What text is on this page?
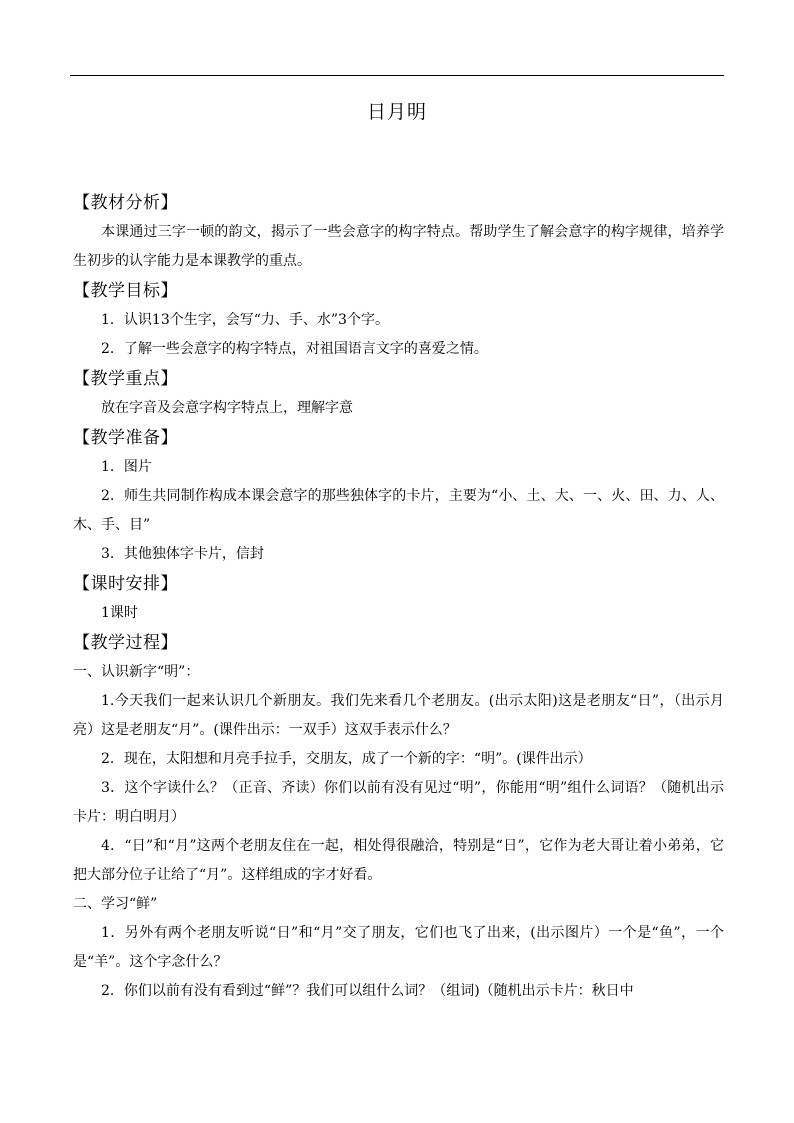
日月明
【教材分析】

本课通过三字一顿的韵文，揭示了一些会意字的构字特点。帮助学生了解会意字的构字规律，培养学生初步的认字能力是本课教学的重点。

【教学目标】

1．认识13个生字，会写“力、手、水”3个字。

2．了解一些会意字的构字特点，对祖国语言文字的喜爱之情。

【教学重点】

放在字音及会意字构字特点上，理解字意

【教学准备】

1．图片

2．师生共同制作构成本课会意字的那些独体字的卡片，主要为“小、土、大、一、火、田、力、人、木、手、目”

3．其他独体字卡片，信封

【课时安排】

1课时

【教学过程】

一、认识新字“明”：

1.今天我们一起来认识几个新朋友。我们先来看几个老朋友。(出示太阳)这是老朋友“日”，（出示月亮）这是老朋友“月”。(课件出示：一双手）这双手表示什么？

2．现在，太阳想和月亮手拉手，交朋友，成了一个新的字：“明”。(课件出示）

3．这个字读什么？（正音、齐读）你们以前有没有见过“明”，你能用“明”组什么词语？（随机出示卡片：明白明月）

4．“日”和“月”这两个老朋友住在一起，相处得很融洽，特别是“日”，它作为老大哥让着小弟弟，它把大部分位子让给了“月”。这样组成的字才好看。

二、学习“鲜”

1．另外有两个老朋友听说“日”和“月”交了朋友，它们也飞了出来，(出示图片）一个是“鱼”，一个是“羊”。这个字念什么？

2．你们以前有没有看到过“鲜”？我们可以组什么词？（组词)（随机出示卡片：秋日中
